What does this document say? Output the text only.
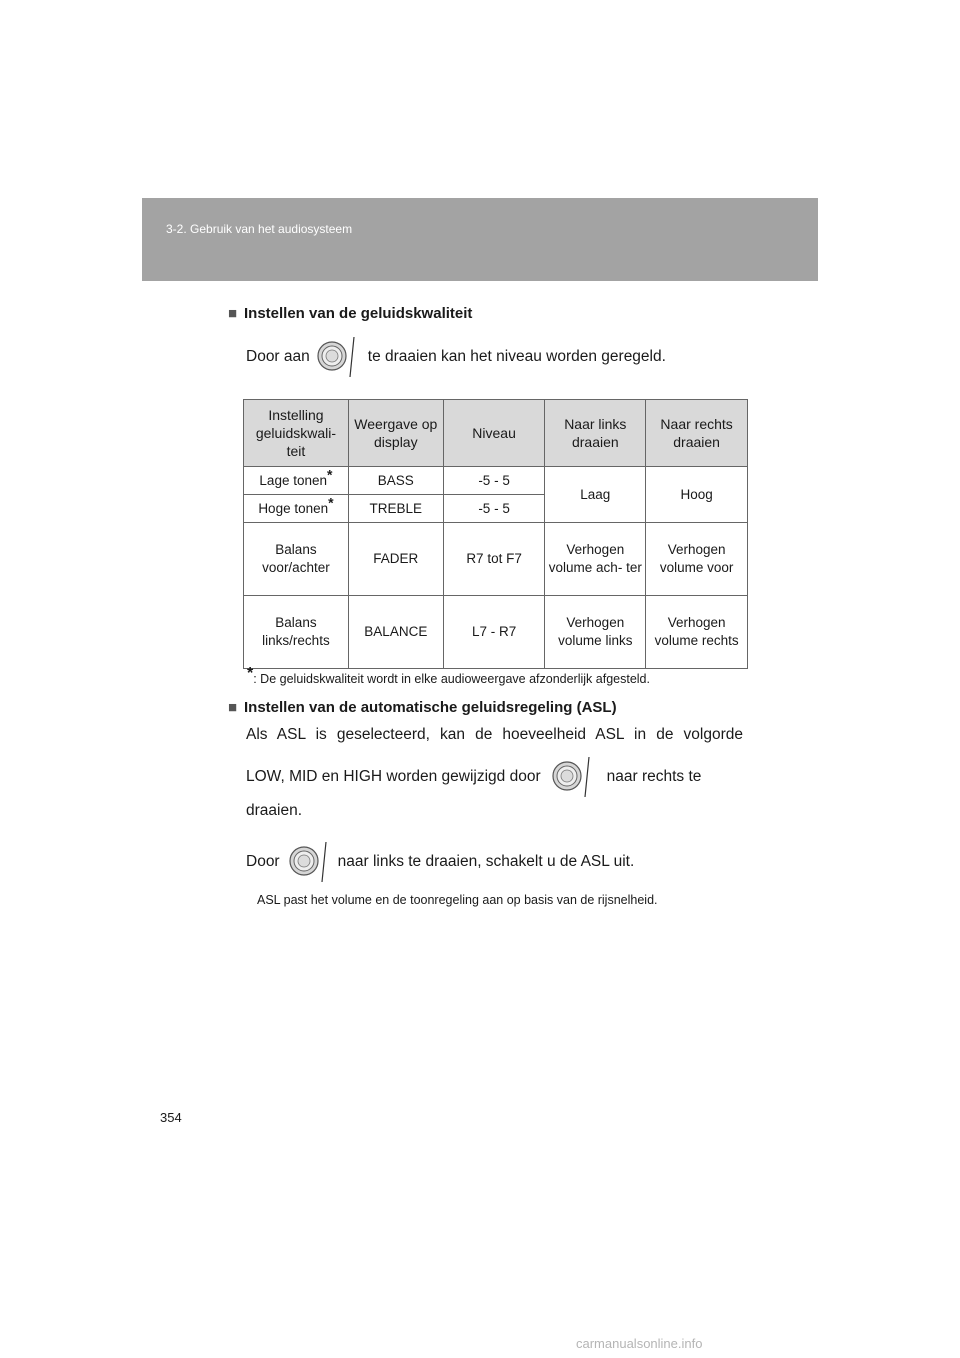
3-2. Gebruik van het audiosysteem
■ Instellen van de geluidskwaliteit
Door aan	te draaien kan het niveau worden geregeld.
Instelling geluidskwali- teit	Weergave op display	Niveau	Naar links draaien	Naar rechts draaien
Lage tonen*	BASS	-5 - 5	Laag	Hoog
Hoge tonen*	TREBLE	-5 - 5		
Balans voor/achter	FADER	R7 tot F7	Verhogen volume ach- ter	Verhogen volume voor
Balans links/rechts	BALANCE	L7 - R7	Verhogen volume links	Verhogen volume rechts
*: De geluidskwaliteit wordt in elke audioweergave afzonderlijk afgesteld.
■ Instellen van de automatische geluidsregeling (ASL)
Als ASL is geselecteerd, kan de hoeveelheid ASL in de volgorde
LOW, MID en HIGH worden gewijzigd door	naar rechts te
draaien.
Door	naar links te draaien, schakelt u de ASL uit.
ASL past het volume en de toonregeling aan op basis van de rijsnelheid.
354
carmanualsonline.info
